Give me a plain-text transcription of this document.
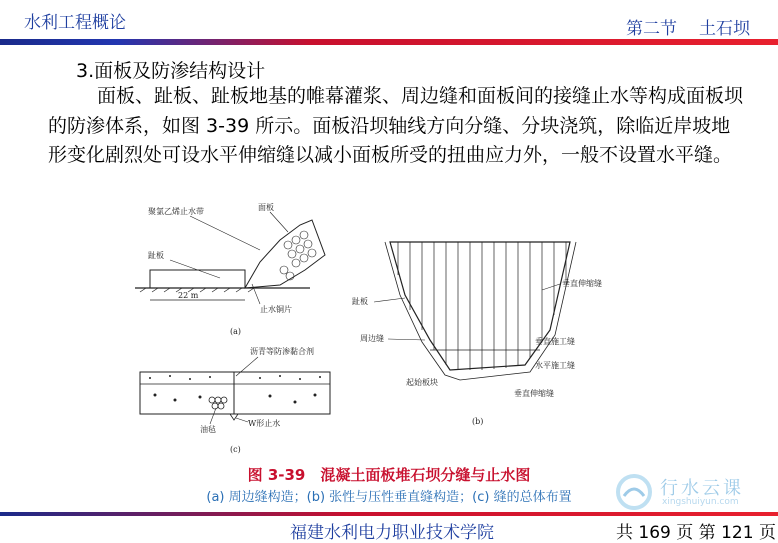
水利工程概论	第二节 土石坝
3.面板及防渗结构设计
面板、趾板、趾板地基的帷幕灌浆、周边缝和面板间的接缝止水等构成面板坝的防渗体系，如图 3-39 所示。面板沿坝轴线方向分缝、分块浇筑，除临近岸坡地形变化剧烈处可设水平伸缩缝以减小面板所受的扭曲应力外，一般不设置水平缝。
22 m
聚氯乙烯止水带	面板
趾板
止水铜片
(a)
垂直伸缩缝
趾板
周边缝	垂直施工缝
水平施工缝
起始板块
垂直伸缩缝
(b)
沥青等防渗黏合剂
油毡
W形止水
(c)
图 3-39　混凝土面板堆石坝分缝与止水图
(a) 周边缝构造；(b) 张性与压性垂直缝构造；(c) 缝的总体布置	行水云课
xingshuiyun.com
福建水利电力职业技术学院	共 169 页 第 121 页
